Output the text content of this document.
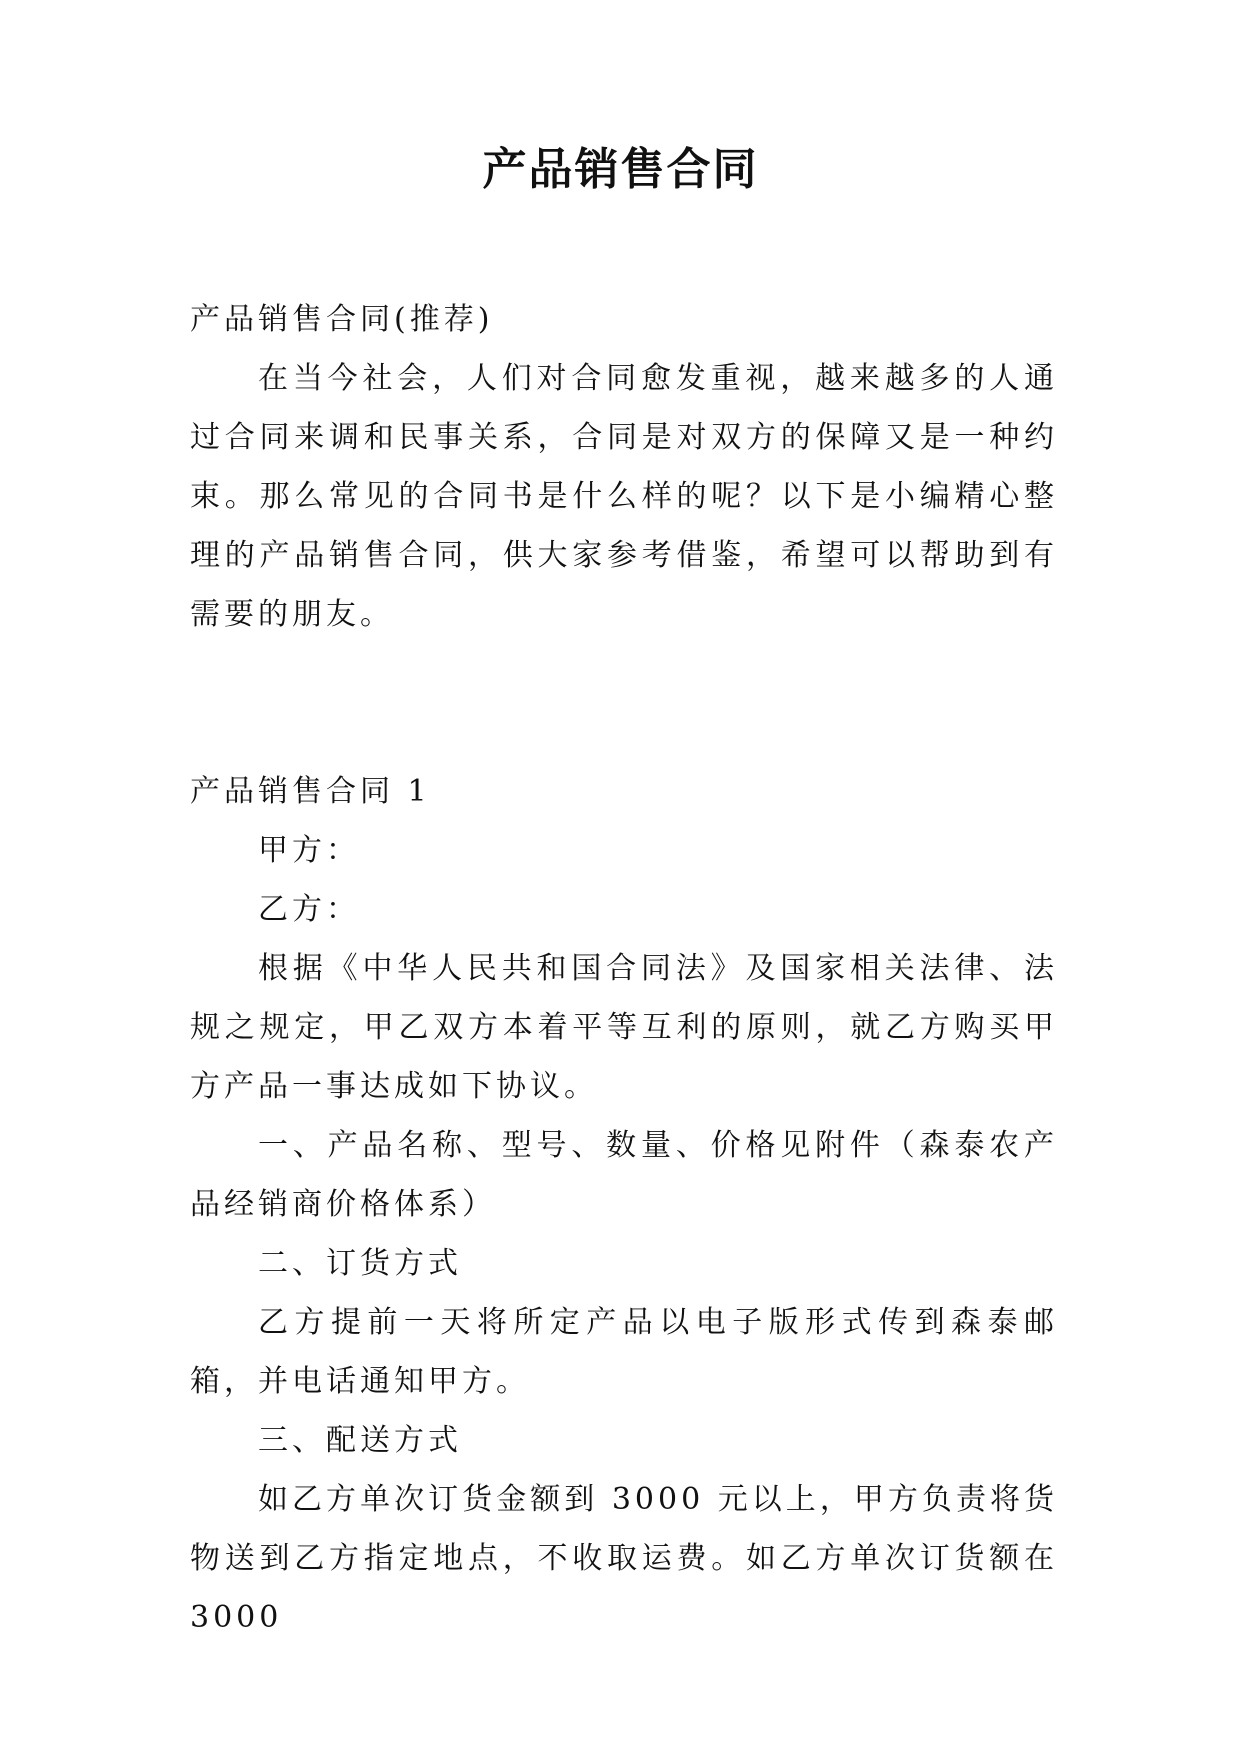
产品销售合同

产品销售合同(推荐)

在当今社会，人们对合同愈发重视，越来越多的人通过合同来调和民事关系，合同是对双方的保障又是一种约束。那么常见的合同书是什么样的呢？以下是小编精心整理的产品销售合同，供大家参考借鉴，希望可以帮助到有需要的朋友。

产品销售合同 1

甲方：

乙方：

根据《中华人民共和国合同法》及国家相关法律、法规之规定，甲乙双方本着平等互利的原则，就乙方购买甲方产品一事达成如下协议。

一、产品名称、型号、数量、价格见附件（森泰农产品经销商价格体系）

二、订货方式

乙方提前一天将所定产品以电子版形式传到森泰邮箱，并电话通知甲方。

三、配送方式

如乙方单次订货金额到 3000 元以上，甲方负责将货物送到乙方指定地点，不收取运费。如乙方单次订货额在 3000
